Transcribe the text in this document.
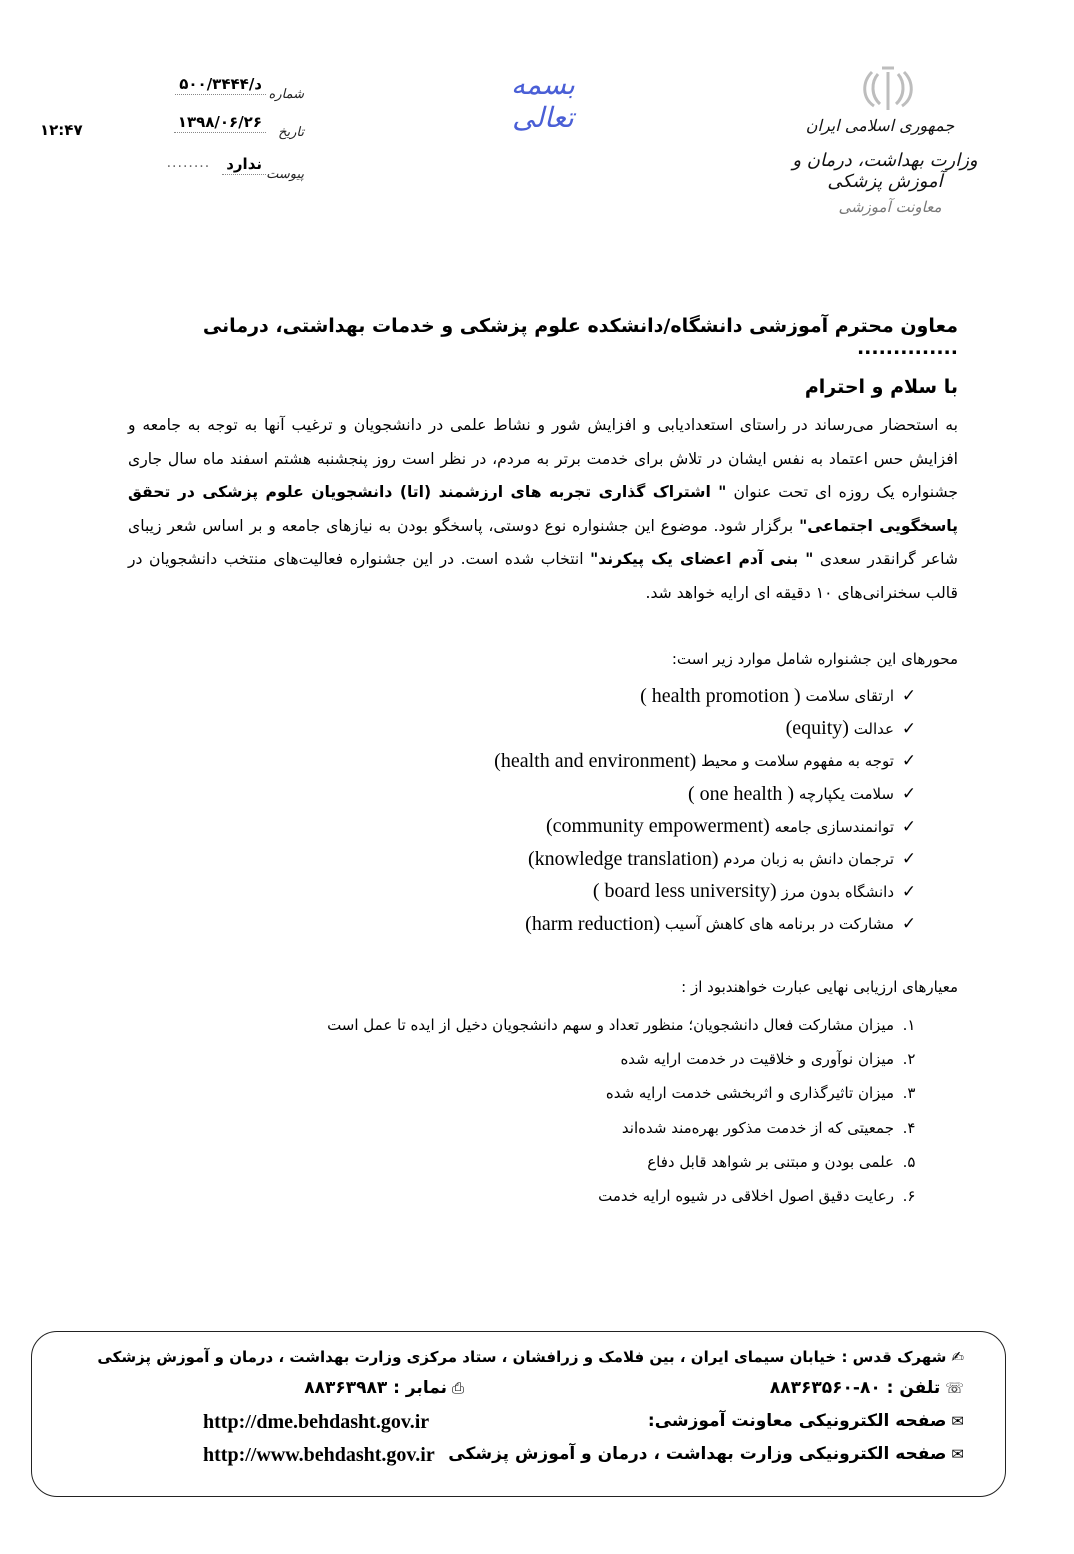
جمهوری اسلامی ایران
وزارت بهداشت، درمان و آموزش پزشکی
معاونت آموزشی
بسمه تعالی
شماره
د/۵۰۰/۳۴۴۴
تاریخ
۱۳۹۸/۰۶/۲۶
پیوست
ندارد
........
۱۲:۴۷
معاون محترم آموزشی دانشگاه/دانشکده علوم پزشکی و خدمات بهداشتی، درمانی ..............
با سلام و احترام
به استحضار می‌رساند در راستای استعدادیابی و افزایش شور و نشاط علمی در دانشجویان و ترغیب آنها به توجه به جامعه و افزایش حس اعتماد به نفس ایشان در تلاش برای خدمت برتر به مردم، در نظر است روز پنجشنبه هشتم اسفند ماه سال جاری جشنواره یک روزه ای تحت عنوان " اشتراک گذاری تجربه های ارزشمند (اتا) دانشجویان علوم پزشکی در تحقق پاسخگویی اجتماعی" برگزار شود. موضوع این جشنواره نوع دوستی، پاسخگو بودن به نیازهای جامعه و بر اساس شعر زیبای شاعر گرانقدر سعدی " بنی آدم اعضای یک پیکرند" انتخاب شده است. در این جشنواره فعالیت‌های منتخب دانشجویان در قالب سخنرانی‌های ۱۰ دقیقه ای ارایه خواهد شد.
محورهای این جشنواره شامل موارد زیر است:
✓
ارتقای سلامت

( health promotion )
✓
عدالت

(equity)
✓
توجه به مفهوم سلامت و محیط

(health and environment)
✓
سلامت یکپارچه

( one health )
✓
توانمندسازی جامعه

(community empowerment)
✓
ترجمان دانش به زبان مردم

(knowledge translation)
✓
دانشگاه بدون مرز

( board less university)
✓
مشارکت در برنامه های کاهش آسیب

(harm reduction)
معیارهای ارزیابی نهایی عبارت خواهندبود از :
۱.
میزان مشارکت فعال دانشجویان؛ منظور تعداد و سهم دانشجویان دخیل از ایده تا عمل است
۲.
میزان نوآوری و خلاقیت در خدمت ارایه شده
۳.
میزان تاثیرگذاری و اثربخشی خدمت ارایه شده
۴.
جمعیتی که از خدمت مذکور بهره‌مند شده‌اند
۵.
علمی بودن و مبتنی بر شواهد قابل دفاع
۶.
رعایت دقیق اصول اخلاقی در شیوه ارایه خدمت
✍
شهرک قدس : خیابان سیمای ایران ، بین فلامک و زرافشان ، ستاد مرکزی وزارت بهداشت ، درمان و آموزش پزشکی
☏
تلفن : ۸۰-۸۸۳۶۳۵۶۰
⎙
نمابر : ۸۸۳۶۳۹۸۳
✉
صفحه الکترونیکی معاونت آموزشی:
✉
صفحه الکترونیکی وزارت بهداشت ، درمان و آموزش پزشکی
http://dme.behdasht.gov.ir
http://www.behdasht.gov.ir
